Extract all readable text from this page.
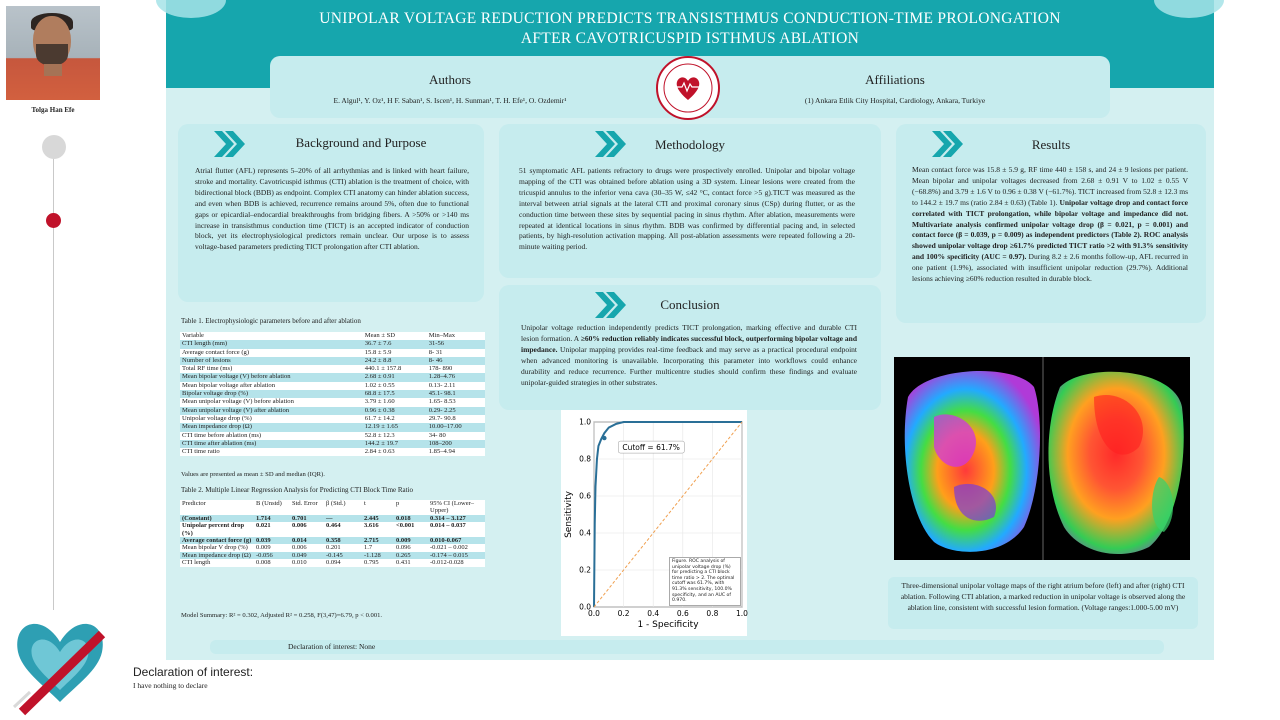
Tolga Han Efe
Declaration of interest:
I have nothing to declare
UNIPOLAR VOLTAGE REDUCTION PREDICTS TRANSISTHMUS CONDUCTION-TIME PROLONGATION
AFTER CAVOTRICUSPID ISTHMUS ABLATION
Authors
E. Algul¹, Y. Oz¹, H F. Saban¹, S. Iscen¹, H. Sunman¹, T. H. Efe¹, O. Ozdemir¹
Affiliations
(1) Ankara Etlik City Hospital, Cardiology, Ankara, Turkiye
Background and Purpose
Atrial flutter (AFL) represents 5–20% of all arrhythmias and is linked with heart failure, stroke and mortality. Cavotricuspid isthmus (CTI) ablation is the treatment of choice, with bidirectional block (BDB) as endpoint. Complex CTI anatomy can hinder ablation success, and even when BDB is achieved, recurrence remains around 5%, often due to functional gaps or epicardial–endocardial breakthroughs from bridging fibers. A >50% or >140 ms increase in transisthmus conduction time (TICT) is an accepted indicator of conduction block, yet its electrophysiological predictors remain unclear. Our urpose is to assess voltage-based parameters predicting TICT prolongation after CTI ablation.
Methodology
51 symptomatic AFL patients refractory to drugs were prospectively enrolled. Unipolar and bipolar voltage mapping of the CTI was obtained before ablation using a 3D system. Linear lesions were created from the tricuspid annulus to the inferior vena cava (30–35 W, ≤42 °C, contact force >5 g).TICT was measured as the interval between atrial signals at the lateral CTI and proximal coronary sinus (CSp) during flutter, or as the conduction time between these sites by sequential pacing in sinus rhythm. After ablation, measurements were repeated at identical locations in sinus rhythm. BDB was confirmed by differential pacing and, in selected patients, by high-resolution activation mapping. All post-ablation assessments were repeated following a 20-minute waiting period.
Conclusion
Unipolar voltage reduction independently predicts TICT prolongation, marking effective and durable CTI lesion formation. A ≥60% reduction reliably indicates successful block, outperforming bipolar voltage and impedance. Unipolar mapping provides real-time feedback and may serve as a practical procedural endpoint when advanced monitoring is unavailable. Incorporating this parameter into workflows could enhance durability and reduce recurrence. Further multicentre studies should confirm these findings and evaluate unipolar-guided strategies in other substrates.
Results
Mean contact force was 15.8 ± 5.9 g, RF time 440 ± 158 s, and 24 ± 9 lesions per patient. Mean bipolar and unipolar voltages decreased from 2.68 ± 0.91 V to 1.02 ± 0.55 V (−68.8%) and 3.79 ± 1.6 V to 0.96 ± 0.38 V (−61.7%). TICT increased from 52.8 ± 12.3 ms to 144.2 ± 19.7 ms (ratio 2.84 ± 0.63) (Table 1). Unipolar voltage drop and contact force correlated with TICT prolongation, while bipolar voltage and impedance did not. Multivariate analysis confirmed unipolar voltage drop (β = 0.021, p = 0.001) and contact force (β = 0.039, p = 0.009) as independent predictors (Table 2). ROC analysis showed unipolar voltage drop ≥61.7% predicted TICT ratio >2 with 91.3% sensitivity and 100% specificity (AUC = 0.97). During 8.2 ± 2.6 months follow-up, AFL recurred in one patient (1.9%), associated with insufficient unipolar reduction (29.7%). Additional lesions achieving ≥60% reduction resulted in durable block.
Table 1. Electrophysiologic parameters before and after ablation
Variable	Mean ± SD	Min–Max
CTI length (mm)	36.7 ± 7.6	31-56
Average contact force (g)	15.8 ± 5.9	8- 31
Number of lesions	24.2 ± 8.8	8- 46
Total RF time (ms)	440.1 ± 157.8	178- 890
Mean bipolar voltage (V) before ablation	2.68 ± 0.91	1.28–4.76
Mean bipolar voltage after ablation	1.02 ± 0.55	0.13- 2.11
Bipolar voltage drop (%)	68.8 ± 17.5	45.1- 98.1
Mean unipolar voltage (V) before ablation	3.79 ± 1.60	1.65- 8.53
Mean unipolar voltage (V) after ablation	0.96 ± 0.38	0.29- 2.25
Unipolar voltage drop (%)	61.7 ± 14.2	29.7- 90.8
Mean impedance drop (Ω)	12.19 ± 1.65	10.00–17.00
CTI time before ablation (ms)	52.8 ± 12.3	34- 80
CTI time after ablation (ms)	144.2 ± 19.7	108–200
CTI time ratio	2.84 ± 0.63	1.85–4.94
Values are presented as mean ± SD and median (IQR).
Table 2. Multiple Linear Regression Analysis for Predicting CTI Block Time Ratio
Predictor	B (Unstd)	Std. Error	β (Std.)	t	p	95% CI (Lower–Upper)
(Constant)	1.714	0.701	—	2.445	0.018	0.314 – 3.127
Unipolar percent drop (%)	0.021	0.006	0.464	3.616	<0.001	0.014 – 0.037
Average contact force (g)	0.039	0.014	0.358	2.715	0.009	0.010-0.067
Mean bipolar V drop (%)	0.009	0.006	0.201	1.7	0.096	-0.021 – 0.002
Mean impedance drop (Ω)	-0.056	0.049	-0.145	-1.128	0.265	-0.174 – 0.015
CTI length	0.008	0.010	0.094	0.795	0.431	-0.012-0.028
Model Summary: R² = 0.302, Adjusted R² = 0.258, F(3,47)=6.79, p < 0.001.	0.0
0.0
0.2
0.2
0.4
0.4
0.6
0.6
0.8
0.8
1.0
1.0
Cutoff = 61.7%
1 - Specificity
Sensitivity
Figure. ROC analysis of unipolar voltage drop (%) for predicting a CTI block time ratio > 2. The optimal cutoff was 61.7%, with 91.3% sensitivity, 100.0% specificity, and an AUC of 0.970.
Three-dimensional unipolar voltage maps of the right atrium before (left) and after (right) CTI ablation. Following CTI ablation, a marked reduction in unipolar voltage is observed along the ablation line, consistent with successful lesion formation. (Voltage ranges:1.000-5.00 mV)
Declaration of interest: None
